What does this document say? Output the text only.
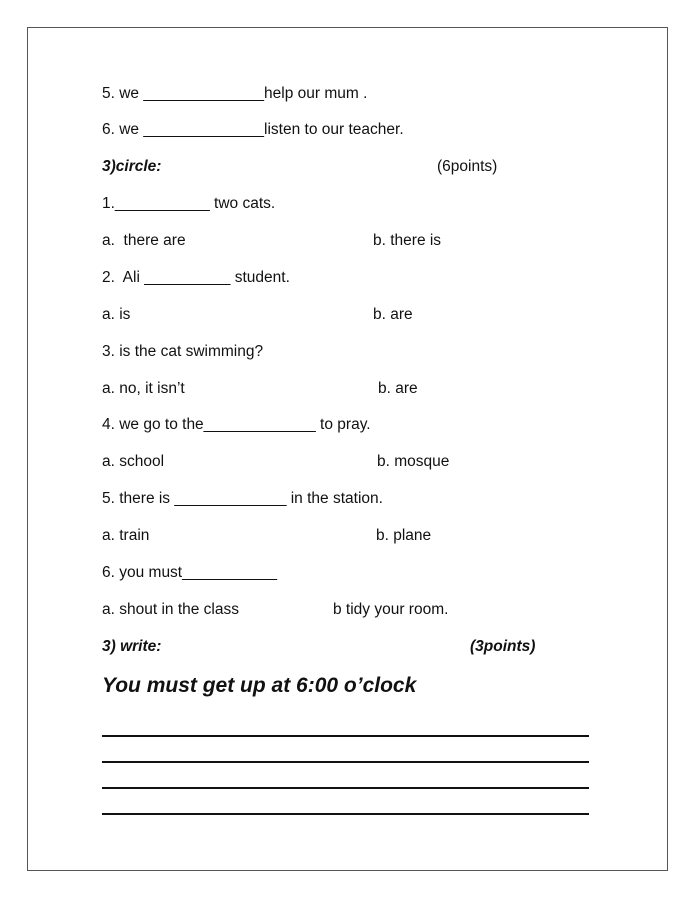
5. we ______________help our mum .
6. we ______________listen to our teacher.
3)circle:	(6points)
1.___________ two cats.
a.  there are	b. there is
2.  Ali __________ student.
a. is	b. are
3. is the cat swimming?
a. no, it isn’t	b. are
4. we go to the_____________ to pray.
a. school	b. mosque
5. there is _____________ in the station.
a. train	b. plane
6. you must___________
a. shout in the class	b tidy your room.
3) write:	(3points)
You must get up at 6:00 o’clock
